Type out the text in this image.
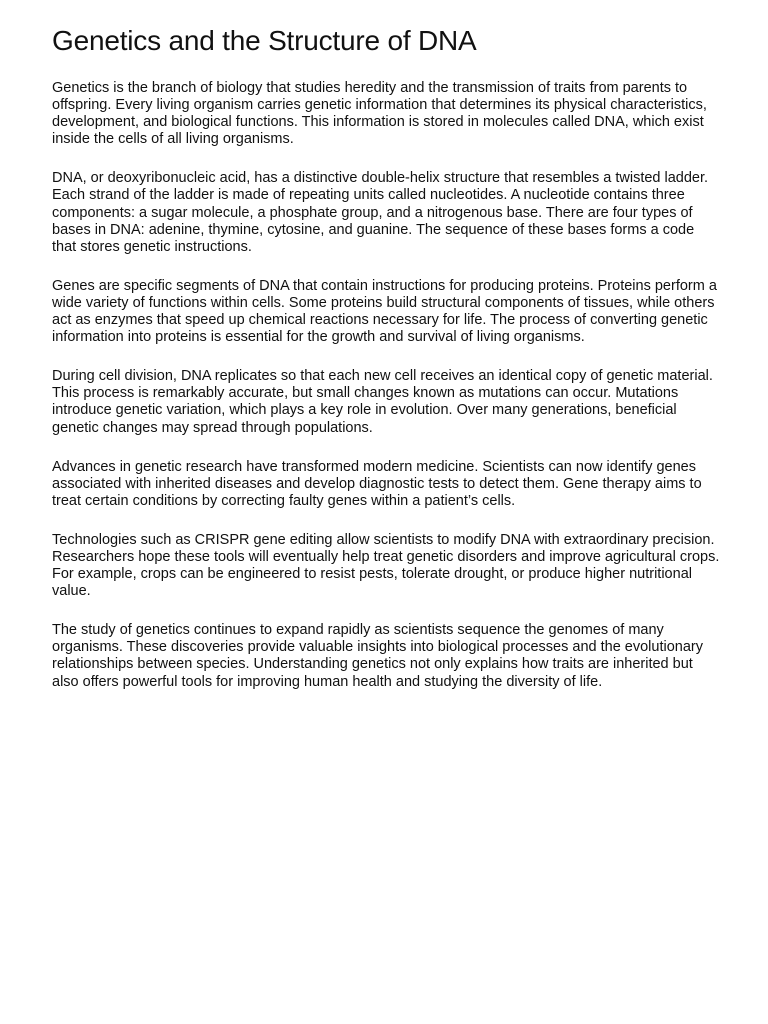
Genetics and the Structure of DNA

Genetics is the branch of biology that studies heredity and the transmission of traits from parents to offspring. Every living organism carries genetic information that determines its physical characteristics, development, and biological functions. This information is stored in molecules called DNA, which exist inside the cells of all living organisms.

DNA, or deoxyribonucleic acid, has a distinctive double-helix structure that resembles a twisted ladder. Each strand of the ladder is made of repeating units called nucleotides. A nucleotide contains three components: a sugar molecule, a phosphate group, and a nitrogenous base. There are four types of bases in DNA: adenine, thymine, cytosine, and guanine. The sequence of these bases forms a code that stores genetic instructions.

Genes are specific segments of DNA that contain instructions for producing proteins. Proteins perform a wide variety of functions within cells. Some proteins build structural components of tissues, while others act as enzymes that speed up chemical reactions necessary for life. The process of converting genetic information into proteins is essential for the growth and survival of living organisms.

During cell division, DNA replicates so that each new cell receives an identical copy of genetic material. This process is remarkably accurate, but small changes known as mutations can occur. Mutations introduce genetic variation, which plays a key role in evolution. Over many generations, beneficial genetic changes may spread through populations.

Advances in genetic research have transformed modern medicine. Scientists can now identify genes associated with inherited diseases and develop diagnostic tests to detect them. Gene therapy aims to treat certain conditions by correcting faulty genes within a patient’s cells.

Technologies such as CRISPR gene editing allow scientists to modify DNA with extraordinary precision. Researchers hope these tools will eventually help treat genetic disorders and improve agricultural crops. For example, crops can be engineered to resist pests, tolerate drought, or produce higher nutritional value.

The study of genetics continues to expand rapidly as scientists sequence the genomes of many organisms. These discoveries provide valuable insights into biological processes and the evolutionary relationships between species. Understanding genetics not only explains how traits are inherited but also offers powerful tools for improving human health and studying the diversity of life.
